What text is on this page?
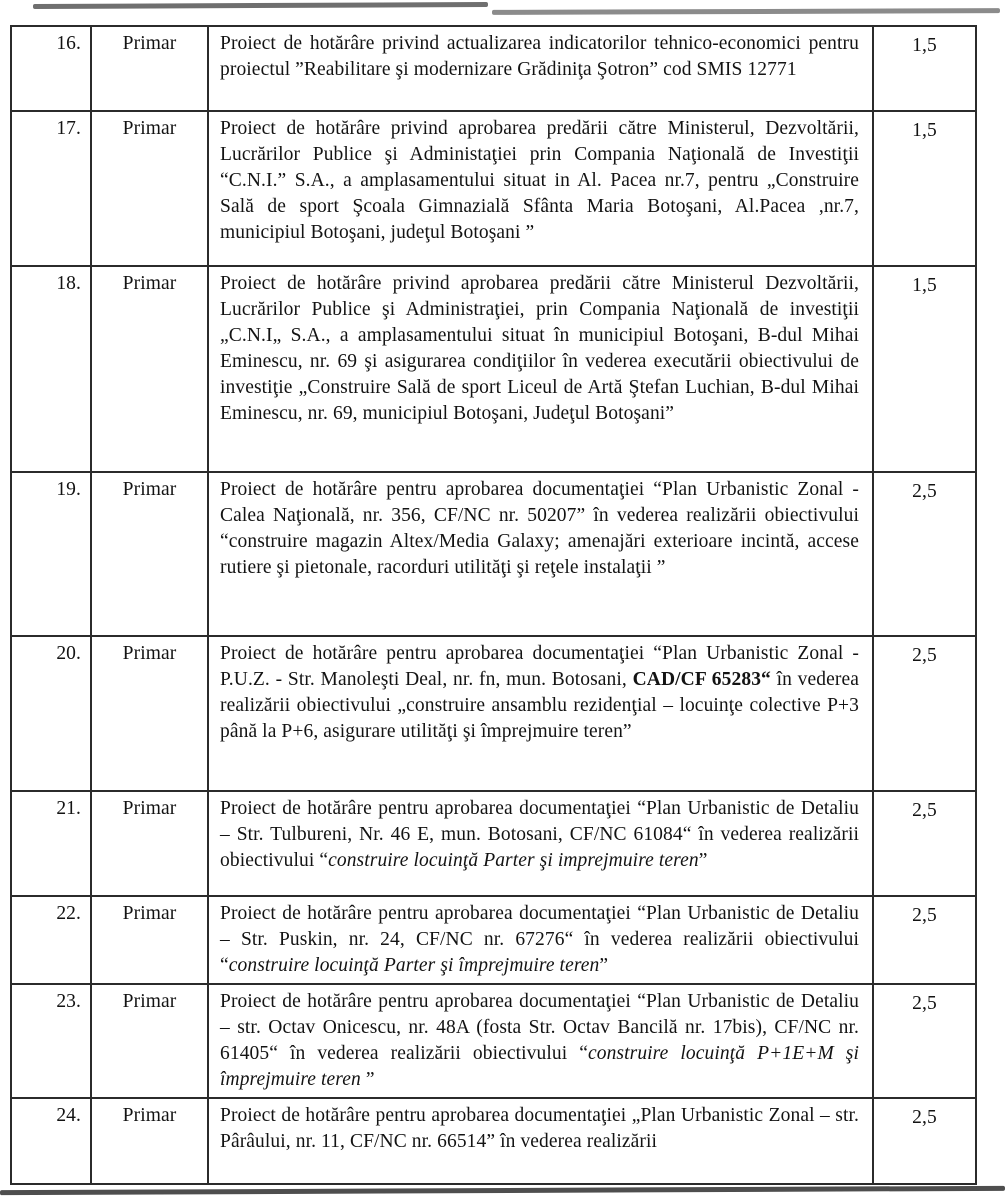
16.	Primar	Proiect de hotărâre privind actualizarea indicatorilor tehnico-economici pentru proiectul ”Reabilitare şi modernizare Grădiniţa Şotron” cod SMIS 12771	1,5
17.	Primar	Proiect de hotărâre privind aprobarea predării către Ministerul, Dezvoltării, Lucrărilor Publice şi Administaţiei prin Compania Naţională de Investiţii “C.N.I.” S.A., a amplasamentului situat in Al. Pacea nr.7, pentru „Construire Sală de sport Şcoala Gimnazială Sfânta Maria Botoşani, Al.Pacea ,nr.7, municipiul Botoşani, judeţul Botoşani ”	1,5
18.	Primar	Proiect de hotărâre privind aprobarea predării către Ministerul Dezvoltării, Lucrărilor Publice şi Administraţiei, prin Compania Naţională de investiţii „C.N.I„ S.A., a amplasamentului situat în municipiul Botoşani, B-dul Mihai Eminescu, nr. 69 şi asigurarea condiţiilor în vederea executării obiectivului de investiţie „Construire Sală de sport Liceul de Artă Ştefan Luchian, B-dul Mihai Eminescu, nr. 69, municipiul Botoşani, Judeţul Botoşani”	1,5
19.	Primar	Proiect de hotărâre pentru aprobarea documentaţiei “Plan Urbanistic Zonal - Calea Naţională, nr. 356, CF/NC nr. 50207” în vederea realizării obiectivului “construire magazin Altex/Media Galaxy; amenajări exterioare incintă, accese rutiere şi pietonale, racorduri utilităţi şi reţele instalaţii ”	2,5
20.	Primar	Proiect de hotărâre pentru aprobarea documentaţiei “Plan Urbanistic Zonal - P.U.Z. - Str. Manoleşti Deal, nr. fn, mun. Botosani, CAD/CF 65283“ în vederea realizării obiectivului „construire ansamblu rezidenţial – locuinţe colective P+3 până la P+6, asigurare utilităţi şi împrejmuire teren”	2,5
21.	Primar	Proiect de hotărâre pentru aprobarea documentaţiei “Plan Urbanistic de Detaliu – Str. Tulbureni, Nr. 46 E, mun. Botosani, CF/NC 61084“ în vederea realizării obiectivului “construire locuinţă Parter şi imprejmuire teren”	2,5
22.	Primar	Proiect de hotărâre pentru aprobarea documentaţiei “Plan Urbanistic de Detaliu – Str. Puskin, nr. 24, CF/NC nr. 67276“ în vederea realizării obiectivului “construire locuinţă Parter şi împrejmuire teren”	2,5
23.	Primar	Proiect de hotărâre pentru aprobarea documentaţiei “Plan Urbanistic de Detaliu – str. Octav Onicescu, nr. 48A (fosta Str. Octav Bancilă nr. 17bis), CF/NC nr. 61405“ în vederea realizării obiectivului “construire locuinţă P+1E+M şi împrejmuire teren ”	2,5
24.	Primar	Proiect de hotărâre pentru aprobarea documentaţiei „Plan Urbanistic Zonal – str. Pârâului, nr. 11, CF/NC nr. 66514” în vederea realizării	2,5
